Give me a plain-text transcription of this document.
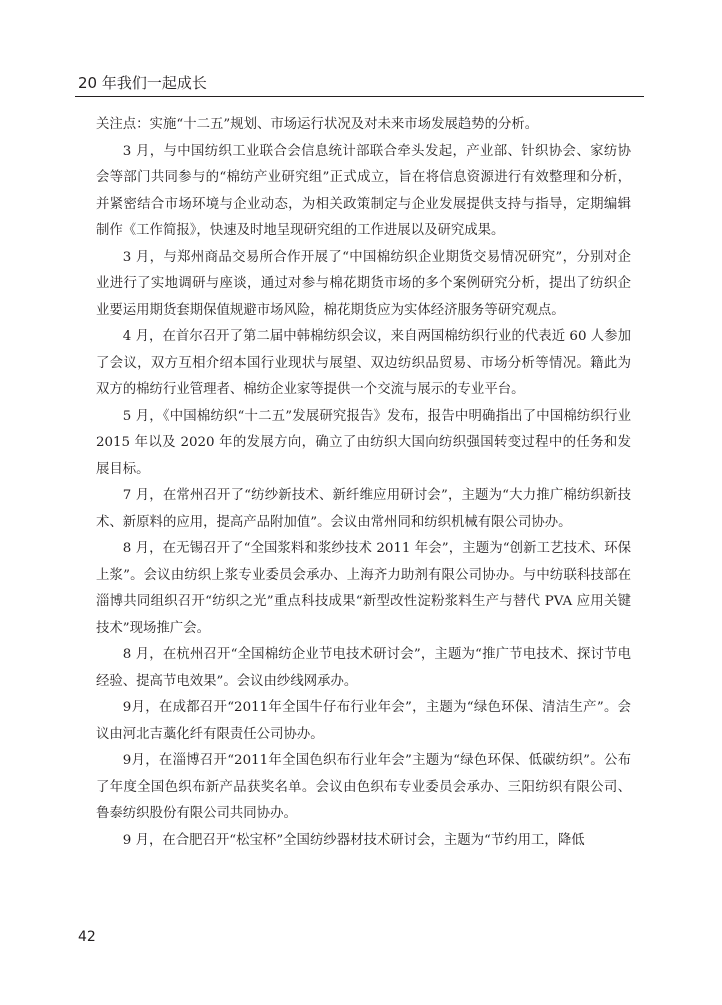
20 年我们一起成长

关注点：实施“十二五”规划、市场运行状况及对未来市场发展趋势的分析。

3 月，与中国纺织工业联合会信息统计部联合牵头发起，产业部、针织协会、家纺协会等部门共同参与的“棉纺产业研究组”正式成立，旨在将信息资源进行有效整理和分析，并紧密结合市场环境与企业动态，为相关政策制定与企业发展提供支持与指导，定期编辑制作《工作简报》，快速及时地呈现研究组的工作进展以及研究成果。

3 月，与郑州商品交易所合作开展了“中国棉纺织企业期货交易情况研究”，分别对企业进行了实地调研与座谈，通过对参与棉花期货市场的多个案例研究分析，提出了纺织企业要运用期货套期保值规避市场风险，棉花期货应为实体经济服务等研究观点。

4 月，在首尔召开了第二届中韩棉纺织会议，来自两国棉纺织行业的代表近 60 人参加了会议，双方互相介绍本国行业现状与展望、双边纺织品贸易、市场分析等情况。籍此为双方的棉纺行业管理者、棉纺企业家等提供一个交流与展示的专业平台。

5 月，《中国棉纺织“十二五”发展研究报告》发布，报告中明确指出了中国棉纺织行业 2015 年以及 2020 年的发展方向，确立了由纺织大国向纺织强国转变过程中的任务和发展目标。

7 月，在常州召开了“纺纱新技术、新纤维应用研讨会”，主题为“大力推广棉纺织新技术、新原料的应用，提高产品附加值”。会议由常州同和纺织机械有限公司协办。

8 月，在无锡召开了“全国浆料和浆纱技术 2011 年会”，主题为“创新工艺技术、环保上浆”。会议由纺织上浆专业委员会承办、上海齐力助剂有限公司协办。与中纺联科技部在淄博共同组织召开“纺织之光”重点科技成果“新型改性淀粉浆料生产与替代 PVA 应用关键技术”现场推广会。

8 月，在杭州召开“全国棉纺企业节电技术研讨会”，主题为“推广节电技术、探讨节电经验、提高节电效果”。会议由纱线网承办。

9月，在成都召开“2011年全国牛仔布行业年会”，主题为“绿色环保、清洁生产”。会议由河北吉藁化纤有限责任公司协办。

9月，在淄博召开“2011年全国色织布行业年会”主题为“绿色环保、低碳纺织”。公布了年度全国色织布新产品获奖名单。会议由色织布专业委员会承办、三阳纺织有限公司、鲁泰纺织股份有限公司共同协办。

9 月，在合肥召开“松宝杯”全国纺纱器材技术研讨会，主题为“节约用工，降低

42
